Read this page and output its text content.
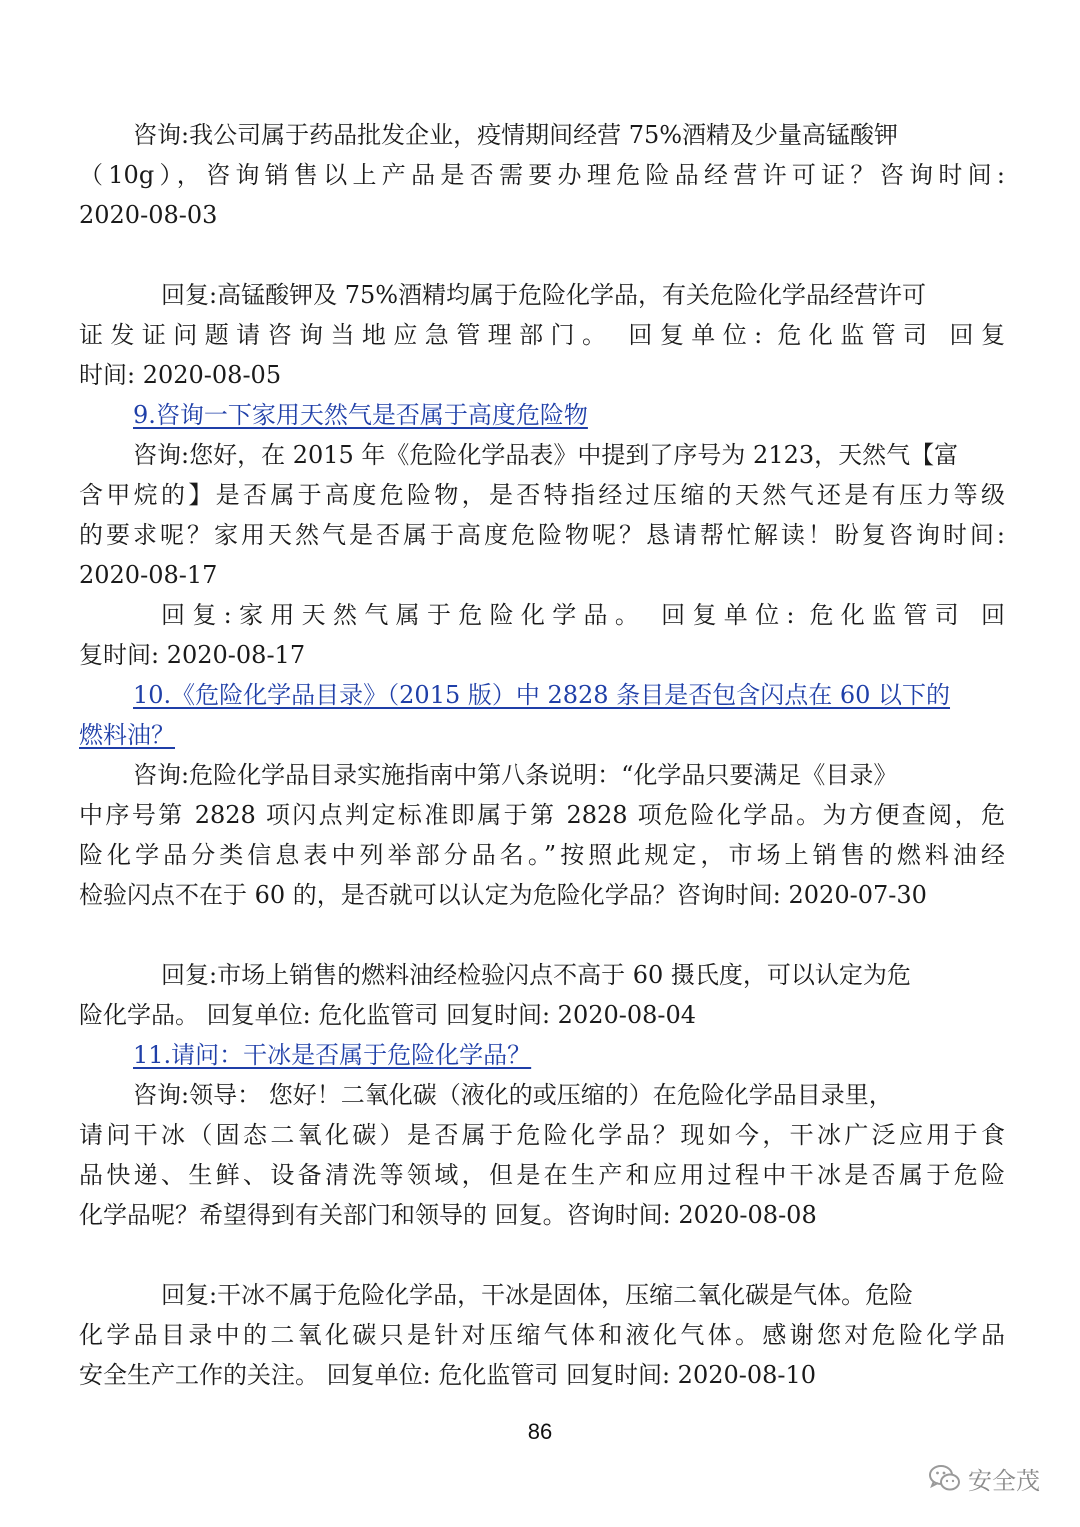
咨询:我公司属于药品批发企业，疫情期间经营 75%酒精及少量高锰酸钾
（10g），咨询销售以上产品是否需要办理危险品经营许可证？咨询时间:
2020-08-03
回复:高锰酸钾及 75%酒精均属于危险化学品，有关危险化学品经营许可
证发证问题请咨询当地应急管理部门。 回复单位: 危化监管司 回复
时间: 2020-08-05
9.咨询一下家用天然气是否属于高度危险物
咨询:您好，在 2015 年《危险化学品表》中提到了序号为 2123，天然气【富
含甲烷的】是否属于高度危险物，是否特指经过压缩的天然气还是有压力等级
的要求呢？家用天然气是否属于高度危险物呢？恳请帮忙解读！盼复咨询时间:
2020-08-17
回复:家用天然气属于危险化学品。 回复单位: 危化监管司 回
复时间: 2020-08-17
10.《危险化学品目录》（2015 版）中 2828 条目是否包含闪点在 60 以下的
燃料油？
咨询:危险化学品目录实施指南中第八条说明：“化学品只要满足《目录》
中序号第 2828 项闪点判定标准即属于第 2828 项危险化学品。为方便查阅，危
险化学品分类信息表中列举部分品名。”按照此规定，市场上销售的燃料油经
检验闪点不在于 60 的，是否就可以认定为危险化学品？咨询时间: 2020-07-30
回复:市场上销售的燃料油经检验闪点不高于 60 摄氏度，可以认定为危
险化学品。 回复单位: 危化监管司 回复时间: 2020-08-04
11.请问：干冰是否属于危险化学品？
咨询:领导： 您好！二氧化碳（液化的或压缩的）在危险化学品目录里，
请问干冰（固态二氧化碳）是否属于危险化学品？现如今，干冰广泛应用于食
品快递、生鲜、设备清洗等领域，但是在生产和应用过程中干冰是否属于危险
化学品呢？希望得到有关部门和领导的 回复。咨询时间: 2020-08-08
回复:干冰不属于危险化学品，干冰是固体，压缩二氧化碳是气体。危险
化学品目录中的二氧化碳只是针对压缩气体和液化气体。感谢您对危险化学品
安全生产工作的关注。 回复单位: 危化监管司 回复时间: 2020-08-10
86
安全茂
